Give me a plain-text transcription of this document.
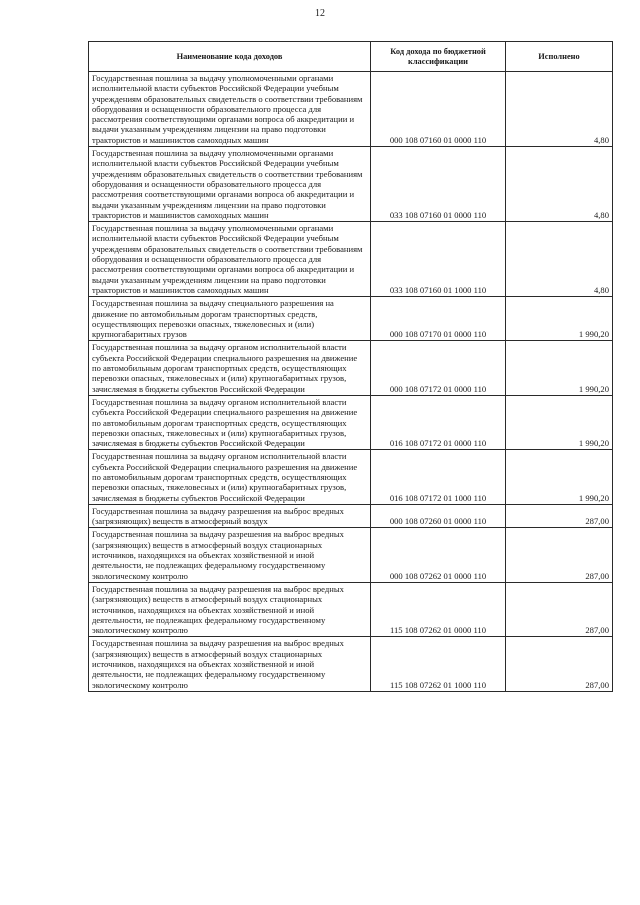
12
Наименование кода доходов	Код дохода по бюджетной классификации	Исполнено
Государственная пошлина за выдачу уполномоченными органами исполнительной власти субъектов Российской Федерации учебным учреждениям образовательных свидетельств о соответствии требованиям оборудования и оснащенности образовательного процесса для рассмотрения соответствующими органами вопроса об аккредитации и выдачи указанным учреждениям лицензии на право подготовки трактористов и машинистов самоходных машин	000 108 07160 01 0000 110	4,80
Государственная пошлина за выдачу уполномоченными органами исполнительной власти субъектов Российской Федерации учебным учреждениям образовательных свидетельств о соответствии требованиям оборудования и оснащенности образовательного процесса для рассмотрения соответствующими органами вопроса об аккредитации и выдачи указанным учреждениям лицензии на право подготовки трактористов и машинистов самоходных машин	033 108 07160 01 0000 110	4,80
Государственная пошлина за выдачу уполномоченными органами исполнительной власти субъектов Российской Федерации учебным учреждениям образовательных свидетельств о соответствии требованиям оборудования и оснащенности образовательного процесса для рассмотрения соответствующими органами вопроса об аккредитации и выдачи указанным учреждениям лицензии на право подготовки трактористов и машинистов самоходных машин	033 108 07160 01 1000 110	4,80
Государственная пошлина за выдачу специального разрешения на движение по автомобильным дорогам транспортных средств, осуществляющих перевозки опасных, тяжеловесных и (или) крупногабаритных грузов	000 108 07170 01 0000 110	1 990,20
Государственная пошлина за выдачу органом исполнительной власти субъекта Российской Федерации специального разрешения на движение по автомобильным дорогам транспортных средств, осуществляющих перевозки опасных, тяжеловесных и (или) крупногабаритных грузов, зачисляемая в бюджеты субъектов Российской Федерации	000 108 07172 01 0000 110	1 990,20
Государственная пошлина за выдачу органом исполнительной власти субъекта Российской Федерации специального разрешения на движение по автомобильным дорогам транспортных средств, осуществляющих перевозки опасных, тяжеловесных и (или) крупногабаритных грузов, зачисляемая в бюджеты субъектов Российской Федерации	016 108 07172 01 0000 110	1 990,20
Государственная пошлина за выдачу органом исполнительной власти субъекта Российской Федерации специального разрешения на движение по автомобильным дорогам транспортных средств, осуществляющих перевозки опасных, тяжеловесных и (или) крупногабаритных грузов, зачисляемая в бюджеты субъектов Российской Федерации	016 108 07172 01 1000 110	1 990,20
Государственная пошлина за выдачу разрешения на выброс вредных (загрязняющих) веществ в атмосферный воздух	000 108 07260 01 0000 110	287,00
Государственная пошлина за выдачу разрешения на выброс вредных (загрязняющих) веществ в атмосферный воздух стационарных источников, находящихся на объектах хозяйственной и иной деятельности, не подлежащих федеральному государственному экологическому контролю	000 108 07262 01 0000 110	287,00
Государственная пошлина за выдачу разрешения на выброс вредных (загрязняющих) веществ в атмосферный воздух стационарных источников, находящихся на объектах хозяйственной и иной деятельности, не подлежащих федеральному государственному экологическому контролю	115 108 07262 01 0000 110	287,00
Государственная пошлина за выдачу разрешения на выброс вредных (загрязняющих) веществ в атмосферный воздух стационарных источников, находящихся на объектах хозяйственной и иной деятельности, не подлежащих федеральному государственному экологическому контролю	115 108 07262 01 1000 110	287,00
